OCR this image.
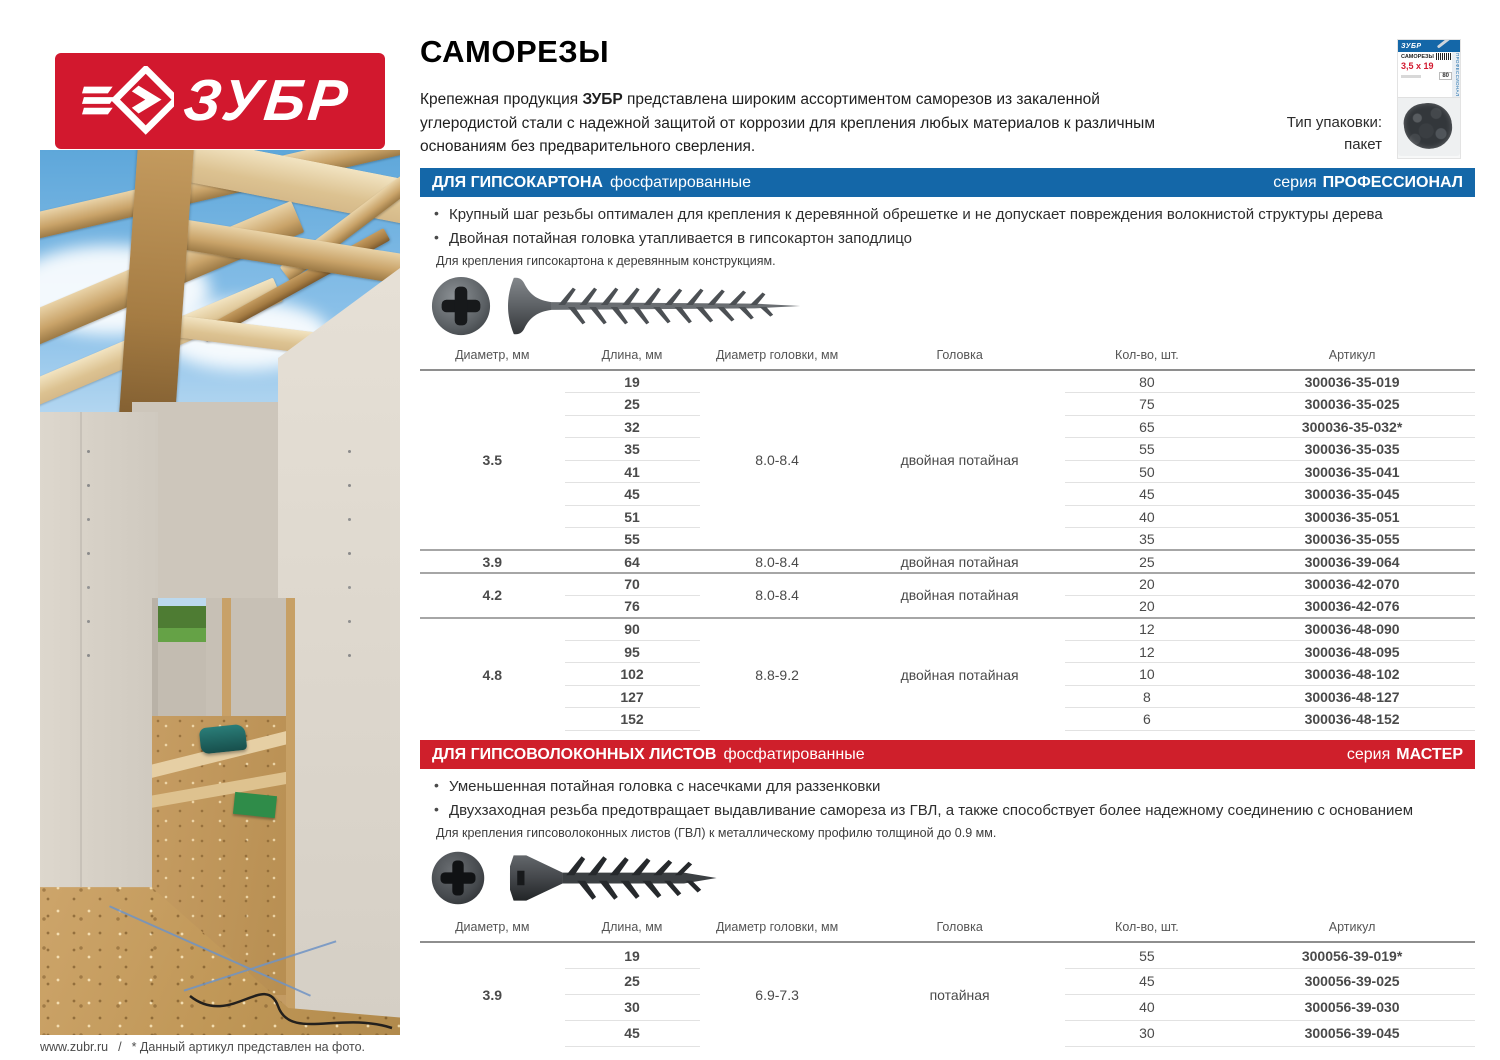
ЗУБР
САМОРЕЗЫ
Крепежная продукция ЗУБР представлена широким ассортиментом саморезов из закаленной углеродистой стали с надежной защитой от коррозии для крепления любых материалов к различным основаниям без предварительного сверления.
Тип упаковки:
пакет
ЗУБР
САМОРЕЗЫ
3,5 х 19
80	ПРОФЕССИОНАЛ
ДЛЯ ГИПСОКАРТОНА фосфатированные	серия ПРОФЕССИОНАЛ
• Крупный шаг резьбы оптимален для крепления к деревянной обрешетке и не допускает повреждения волокнистой структуры дерева
• Двойная потайная головка утапливается в гипсокартон заподлицо
Для крепления гипсокартона к деревянным конструкциям.
Диаметр, мм	Длина, мм	Диаметр головки, мм	Головка	Кол-во, шт.	Артикул
3.5	19	8.0-8.4	двойная потайная	80	300036-35-019
	25			75	300036-35-025
	32			65	300036-35-032*
	35			55	300036-35-035
	41			50	300036-35-041
	45			45	300036-35-045
	51			40	300036-35-051
	55			35	300036-35-055
3.9	64	8.0-8.4	двойная потайная	25	300036-39-064
4.2	70	8.0-8.4	двойная потайная	20	300036-42-070
	76			20	300036-42-076
4.8	90	8.8-9.2	двойная потайная	12	300036-48-090
	95			12	300036-48-095
	102			10	300036-48-102
	127			8	300036-48-127
	152			6	300036-48-152
ДЛЯ ГИПСОВОЛОКОННЫХ ЛИСТОВ фосфатированные	серия МАСТЕР
• Уменьшенная потайная головка с насечками для раззенковки
• Двухзаходная резьба предотвращает выдавливание самореза из ГВЛ, а также способствует более надежному соединению с основанием
Для крепления гипсоволоконных листов (ГВЛ) к металлическому профилю толщиной до 0.9 мм.
Диаметр, мм	Длина, мм	Диаметр головки, мм	Головка	Кол-во, шт.	Артикул
3.9	19	6.9-7.3	потайная	55	300056-39-019*
	25			45	300056-39-025
	30			40	300056-39-030
	45			30	300056-39-045
www.zubr.ru / * Данный артикул представлен на фото.
